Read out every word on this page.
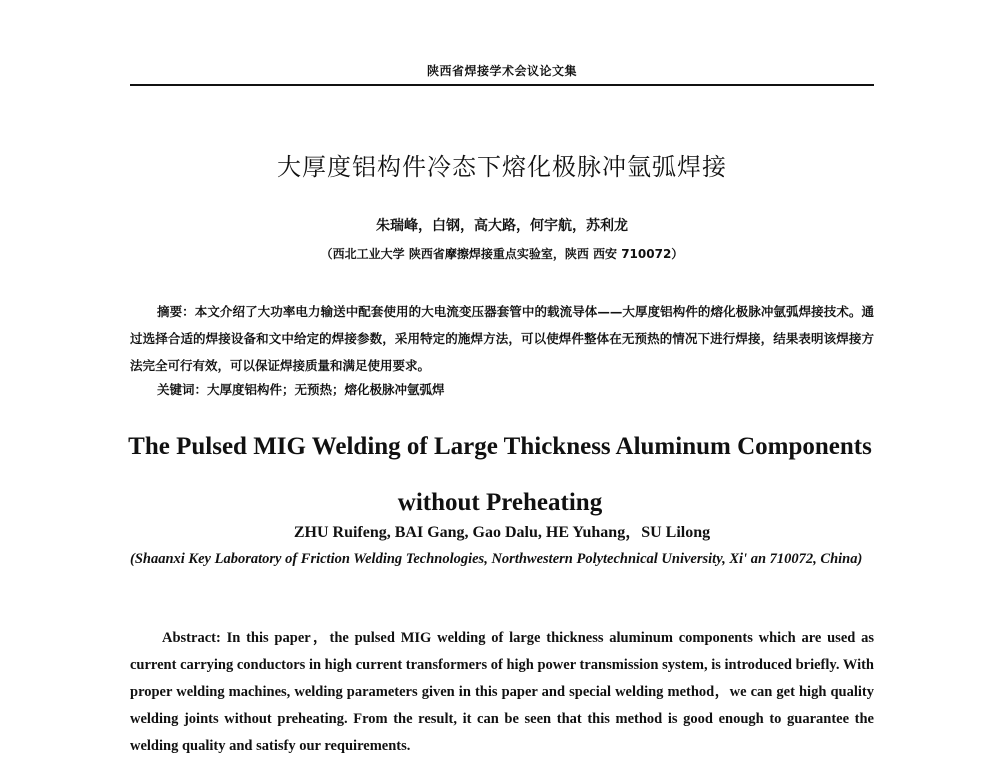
陕西省焊接学术会议论文集
大厚度铝构件冷态下熔化极脉冲氩弧焊接
朱瑞峰，白钢，高大路，何宇航，苏利龙
（西北工业大学 陕西省摩擦焊接重点实验室，陕西 西安 710072）
摘要：本文介绍了大功率电力输送中配套使用的大电流变压器套管中的载流导体——大厚度铝构件的熔化极脉冲氩弧焊接技术。通过选择合适的焊接设备和文中给定的焊接参数，采用特定的施焊方法，可以使焊件整体在无预热的情况下进行焊接，结果表明该焊接方法完全可行有效，可以保证焊接质量和满足使用要求。
关键词：大厚度铝构件；无预热；熔化极脉冲氩弧焊
The Pulsed MIG Welding of Large Thickness Aluminum Components
without Preheating
ZHU Ruifeng, BAI Gang, Gao Dalu, HE Yuhang，SU Lilong
(Shaanxi Key Laboratory of Friction Welding Technologies, Northwestern Polytechnical University, Xi' an 710072, China)
Abstract: In this paper，the pulsed MIG welding of large thickness aluminum components which are used as current carrying conductors in high current transformers of high power transmission system, is introduced briefly. With proper welding machines, welding parameters given in this paper and special welding method，we can get high quality welding joints without preheating. From the result, it can be seen that this method is good enough to guarantee the welding quality and satisfy our requirements.
